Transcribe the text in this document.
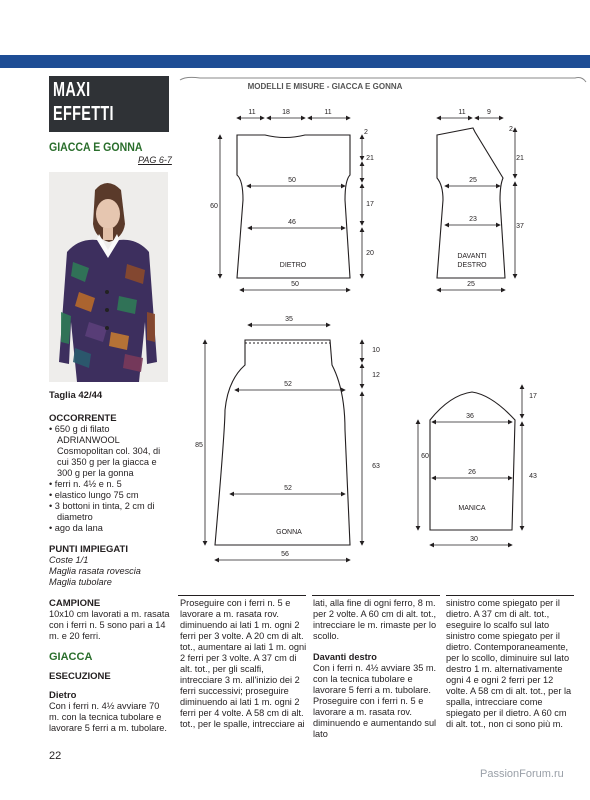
MAXI
EFFETTI
GIACCA E GONNA
PAG 6-7
Taglia 42/44
OCCORRENTE

• 650 g di filato ADRIANWOOL Cosmopolitan col. 304, di cui 350 g per la giacca e 300 g per la gonna

• ferri n. 4½ e n. 5

• elastico lungo 75 cm

• 3 bottoni in tinta, 2 cm di diametro

• ago da lana

PUNTI IMPIEGATI
Coste 1/1
Maglia rasata rovescia
Maglia tubolare
CAMPIONE
10x10 cm lavorati a m. rasata con i ferri n. 5 sono pari a 14 m. e 20 ferri.
GIACCA
ESECUZIONE
Dietro
Con i ferri n. 4½ avviare 70 m. con la tecnica tubolare e lavorare 5 ferri a m. tubolare.
MODELLI E MISURE - GIACCA E GONNA
11	18	11
2
21
17
20
50
46
50
60
DIETRO
11	9
2
21
37
25
23
25
DAVANTI
DESTRO
35
52
52
56
85
10
12
63
GONNA
36
26
30
60
17
43
MANICA

Proseguire con i ferri n. 5 e lavorare a m. rasata rov. diminuendo ai lati 1 m. ogni 2 ferri per 3 volte. A 20 cm di alt. tot., aumentare ai lati 1 m. ogni 2 ferri per 3 volte. A 37 cm di alt. tot., per gli scalfi, intrecciare 3 m. all'inizio dei 2 ferri successivi; proseguire diminuendo ai lati 1 m. ogni 2 ferri per 4 volte. A 58 cm di alt. tot., per le spalle, intrecciare ai

lati, alla fine di ogni ferro, 8 m. per 2 volte. A 60 cm di alt. tot., intrecciare le m. rimaste per lo scollo.

Davanti destro

Con i ferri n. 4½ avviare 35 m. con la tecnica tubolare e lavorare 5 ferri a m. tubolare. Proseguire con i ferri n. 5 e lavorare a m. rasata rov. diminuendo e aumentando sul lato

sinistro come spiegato per il dietro. A 37 cm di alt. tot., eseguire lo scalfo sul lato sinistro come spiegato per il dietro. Contemporaneamente, per lo scollo, diminuire sul lato destro 1 m. alternativamente ogni 4 e ogni 2 ferri per 12 volte. A 58 cm di alt. tot., per la spalla, intrecciare come spiegato per il dietro. A 60 cm di alt. tot., non ci sono più m.

22
PassionForum.ru
